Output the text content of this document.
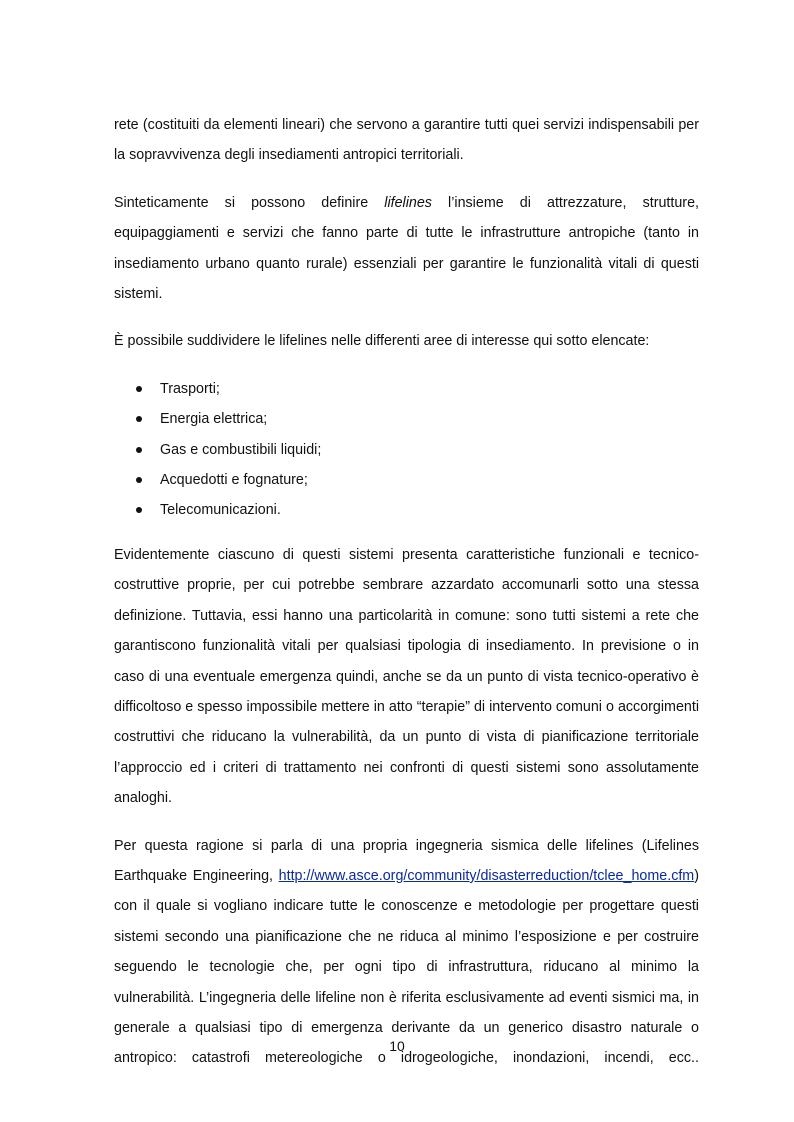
rete (costituiti da elementi lineari) che servono a garantire tutti quei servizi indispensabili per la sopravvivenza degli insediamenti antropici territoriali.

Sinteticamente si possono definire lifelines l’insieme di attrezzature, strutture, equipaggiamenti e servizi che fanno parte di tutte le infrastrutture antropiche (tanto in insediamento urbano quanto rurale) essenziali per garantire le funzionalità vitali di questi sistemi.

È possibile suddividere le lifelines nelle differenti aree di interesse qui sotto elencate:

Trasporti;
Energia elettrica;
Gas e combustibili liquidi;
Acquedotti e fognature;
Telecomunicazioni.

Evidentemente ciascuno di questi sistemi presenta caratteristiche funzionali e tecnico-costruttive proprie, per cui potrebbe sembrare azzardato accomunarli sotto una stessa definizione. Tuttavia, essi hanno una particolarità in comune: sono tutti sistemi a rete che garantiscono funzionalità vitali per qualsiasi tipologia di insediamento. In previsione o in caso di una eventuale emergenza quindi, anche se da un punto di vista tecnico-operativo è difficoltoso e spesso impossibile mettere in atto “terapie” di intervento comuni o accorgimenti costruttivi che riducano la vulnerabilità, da un punto di vista di pianificazione territoriale l’approccio ed i criteri di trattamento nei confronti di questi sistemi sono assolutamente analoghi.

Per questa ragione si parla di una propria ingegneria sismica delle lifelines (Lifelines Earthquake Engineering, http://www.asce.org/community/disasterreduction/tclee_home.cfm) con il quale si vogliano indicare tutte le conoscenze e metodologie per progettare questi sistemi secondo una pianificazione che ne riduca al minimo l’esposizione e per costruire seguendo le tecnologie che, per ogni tipo di infrastruttura, riducano al minimo la vulnerabilità. L’ingegneria delle lifeline non è riferita esclusivamente ad eventi sismici ma, in generale a qualsiasi tipo di emergenza derivante da un generico disastro naturale o antropico: catastrofi metereologiche o idrogeologiche, inondazioni, incendi, ecc..

10
